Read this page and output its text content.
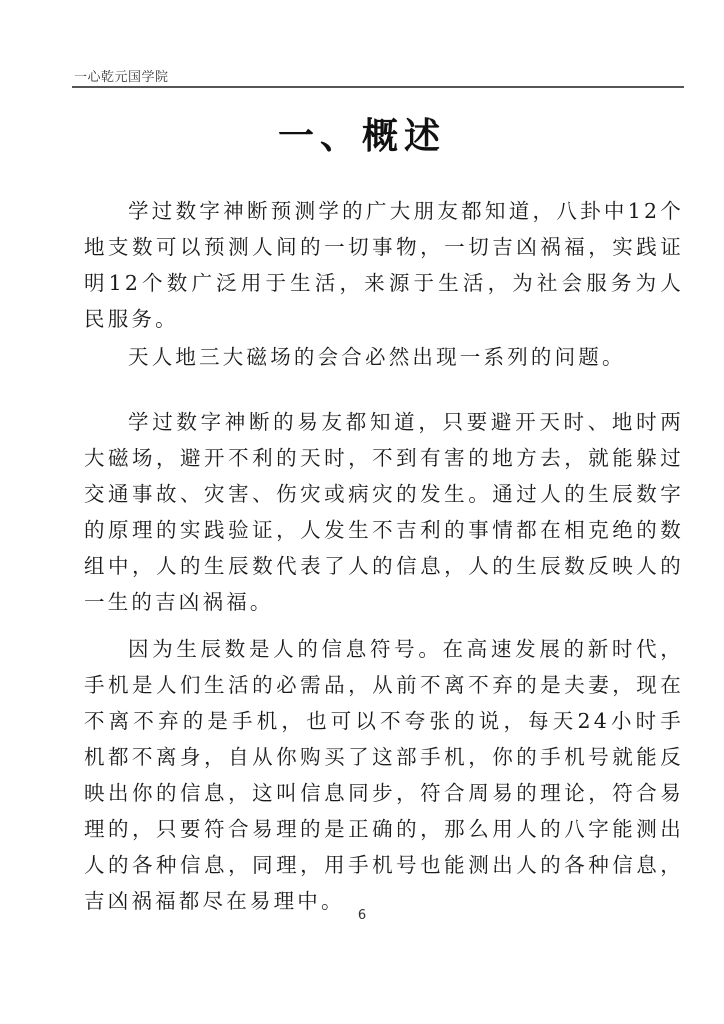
一心乾元国学院
一、概述

学过数字神断预测学的广大朋友都知道，八卦中12个地支数可以预测人间的一切事物，一切吉凶祸福，实践证明12个数广泛用于生活，来源于生活，为社会服务为人民服务。

天人地三大磁场的会合必然出现一系列的问题。

学过数字神断的易友都知道，只要避开天时、地时两大磁场，避开不利的天时，不到有害的地方去，就能躲过交通事故、灾害、伤灾或病灾的发生。通过人的生辰数字的原理的实践验证，人发生不吉利的事情都在相克绝的数组中，人的生辰数代表了人的信息，人的生辰数反映人的一生的吉凶祸福。

因为生辰数是人的信息符号。在高速发展的新时代，手机是人们生活的必需品，从前不离不弃的是夫妻，现在不离不弃的是手机，也可以不夸张的说，每天24小时手机都不离身，自从你购买了这部手机，你的手机号就能反映出你的信息，这叫信息同步，符合周易的理论，符合易理的，只要符合易理的是正确的，那么用人的八字能测出人的各种信息，同理，用手机号也能测出人的各种信息，吉凶祸福都尽在易理中。

6
